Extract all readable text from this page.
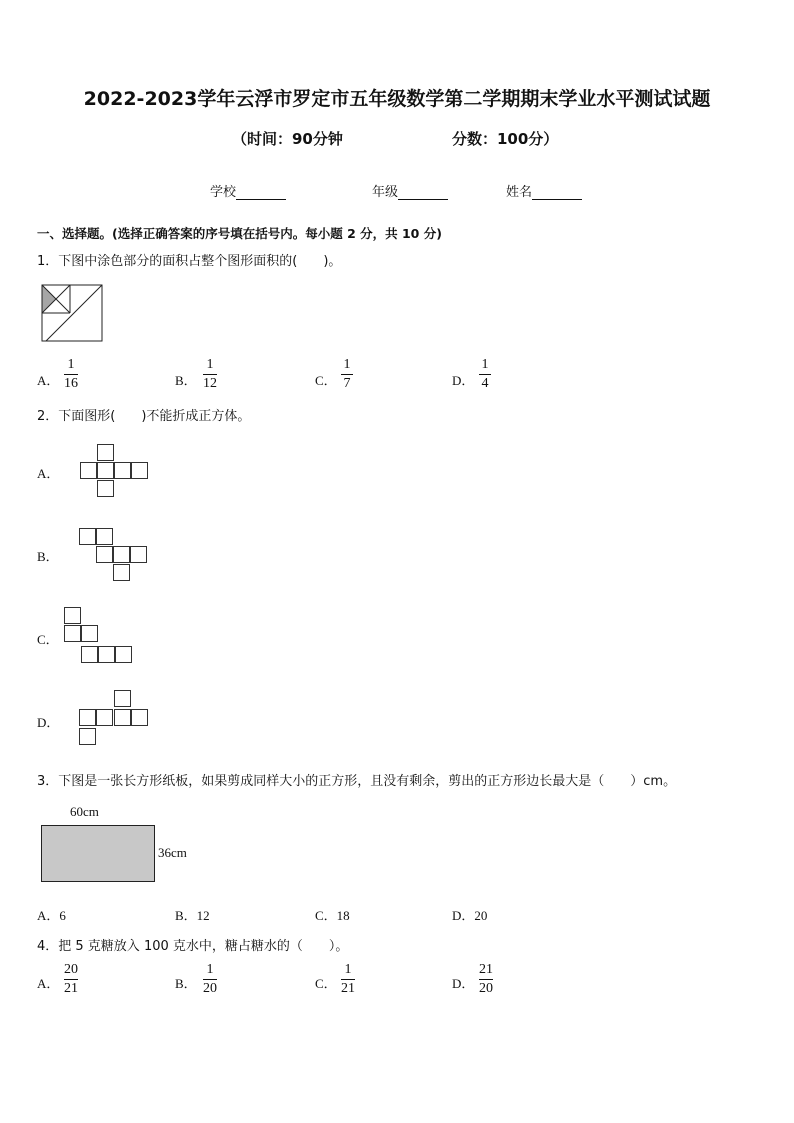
2022-2023学年云浮市罗定市五年级数学第二学期期末学业水平测试试题
（时间：90分钟	分数：100分）
学校	年级	姓名
一、选择题。(选择正确答案的序号填在括号内。每小题 2 分，共 10 分)
1．下图中涂色部分的面积占整个图形面积的(　　)。
A．
1
16	B．
1
12	C．
1
7	D．
1
4
2．下面图形(　　)不能折成正方体。
A．
B．
C．
D．
3．下图是一张长方形纸板，如果剪成同样大小的正方形，且没有剩余，剪出的正方形边长最大是（　　）cm。
60cm
36cm
A．6	B．12	C．18	D．20
4．把 5 克糖放入 100 克水中，糖占糖水的（　　）。
A．
20
21	B．
1
20	C．
1
21	D．
21
20
